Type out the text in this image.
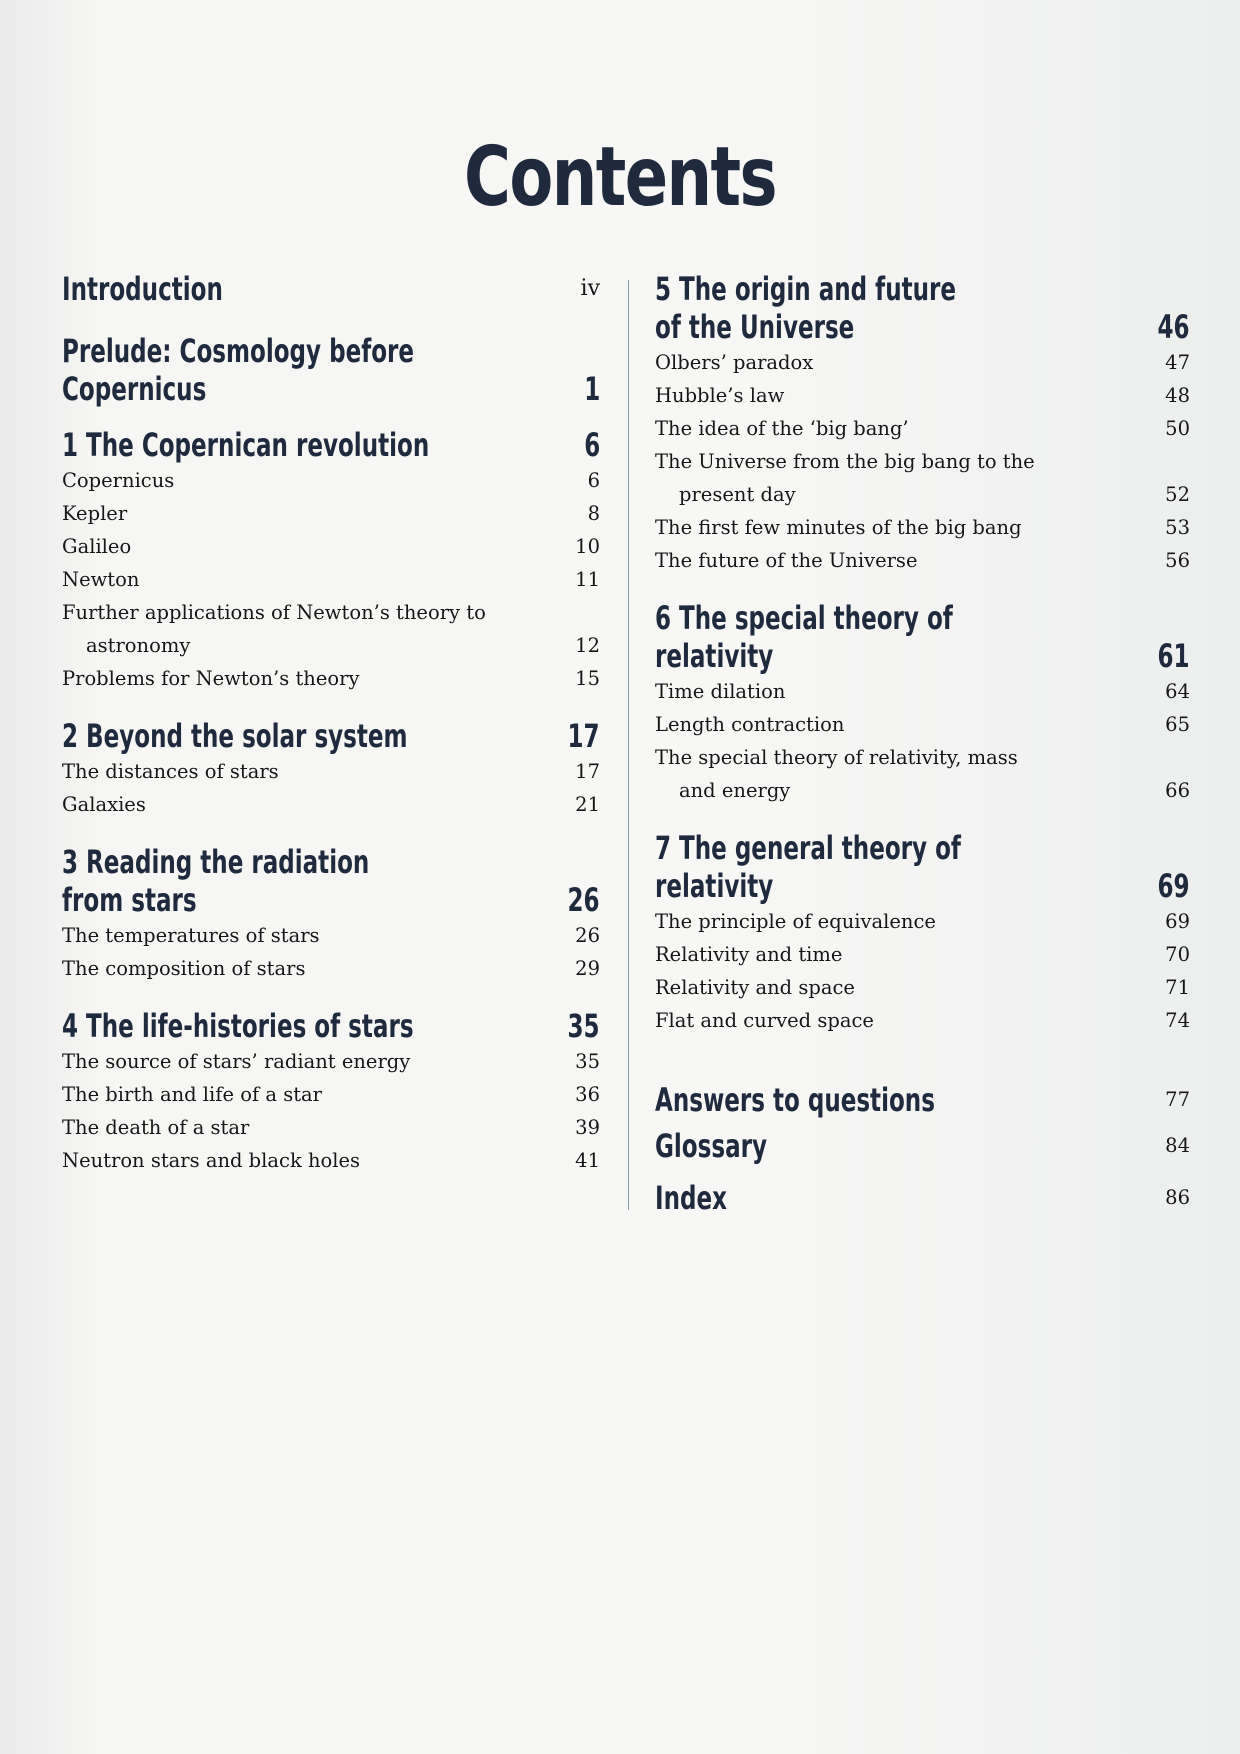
Contents
Introduction	iv
Prelude: Cosmology before
Copernicus	1
1 The Copernican revolution	6
Copernicus	6
Kepler	8
Galileo	10
Newton	11
Further applications of Newton’s theory to
astronomy	12
Problems for Newton’s theory	15
2 Beyond the solar system	17
The distances of stars	17
Galaxies	21
3 Reading the radiation
from stars	26
The temperatures of stars	26
The composition of stars	29
4 The life-histories of stars	35
The source of stars’ radiant energy	35
The birth and life of a star	36
The death of a star	39
Neutron stars and black holes	41
5 The origin and future
of the Universe	46
Olbers’ paradox	47
Hubble’s law	48
The idea of the ‘big bang’	50
The Universe from the big bang to the
present day	52
The first few minutes of the big bang	53
The future of the Universe	56
6 The special theory of relativity	61
Time dilation	64
Length contraction	65
The special theory of relativity, mass
and energy	66
7 The general theory of relativity	69
The principle of equivalence	69
Relativity and time	70
Relativity and space	71
Flat and curved space	74
Answers to questions	77
Glossary	84
Index	86
